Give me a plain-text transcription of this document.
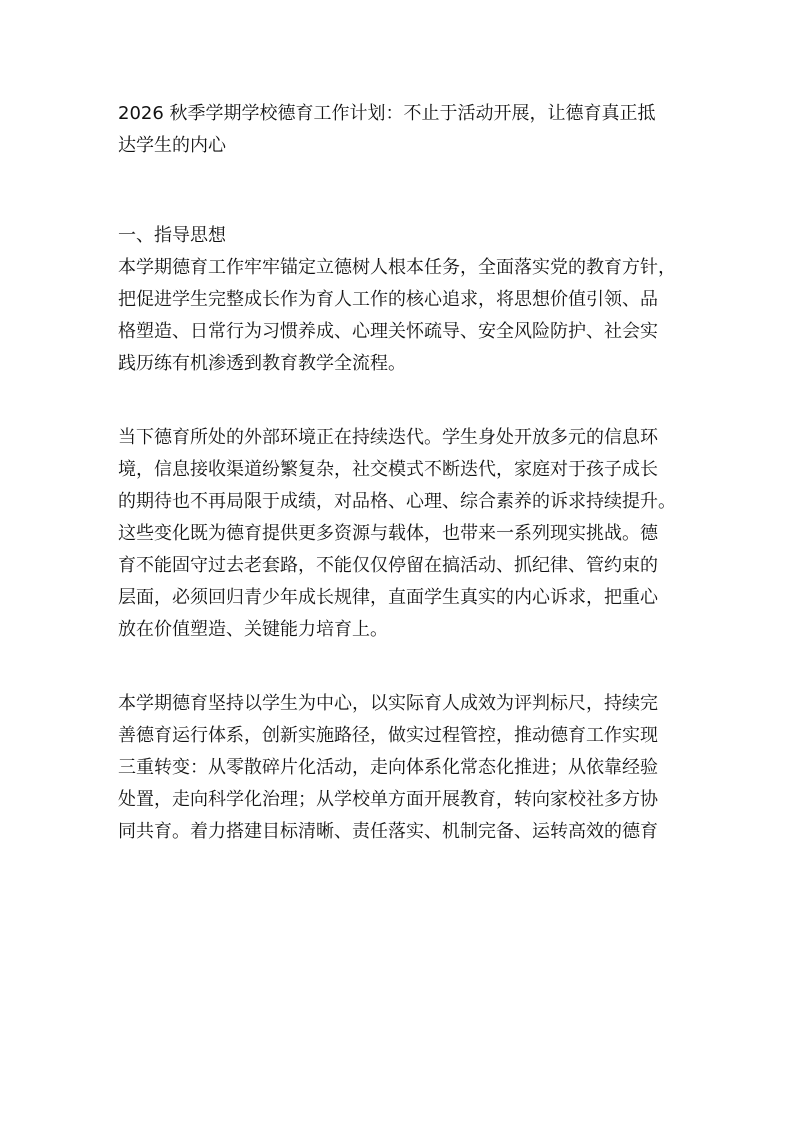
2026 秋季学期学校德育工作计划：不止于活动开展，让德育真正抵
达学生的内心
一、指导思想
本学期德育工作牢牢锚定立德树人根本任务，全面落实党的教育方针，
把促进学生完整成长作为育人工作的核心追求，将思想价值引领、品
格塑造、日常行为习惯养成、心理关怀疏导、安全风险防护、社会实
践历练有机渗透到教育教学全流程。
当下德育所处的外部环境正在持续迭代。学生身处开放多元的信息环
境，信息接收渠道纷繁复杂，社交模式不断迭代，家庭对于孩子成长
的期待也不再局限于成绩，对品格、心理、综合素养的诉求持续提升。
这些变化既为德育提供更多资源与载体，也带来一系列现实挑战。德
育不能固守过去老套路，不能仅仅停留在搞活动、抓纪律、管约束的
层面，必须回归青少年成长规律，直面学生真实的内心诉求，把重心
放在价值塑造、关键能力培育上。
本学期德育坚持以学生为中心，以实际育人成效为评判标尺，持续完
善德育运行体系，创新实施路径，做实过程管控，推动德育工作实现
三重转变：从零散碎片化活动，走向体系化常态化推进；从依靠经验
处置，走向科学化治理；从学校单方面开展教育，转向家校社多方协
同共育。着力搭建目标清晰、责任落实、机制完备、运转高效的德育
